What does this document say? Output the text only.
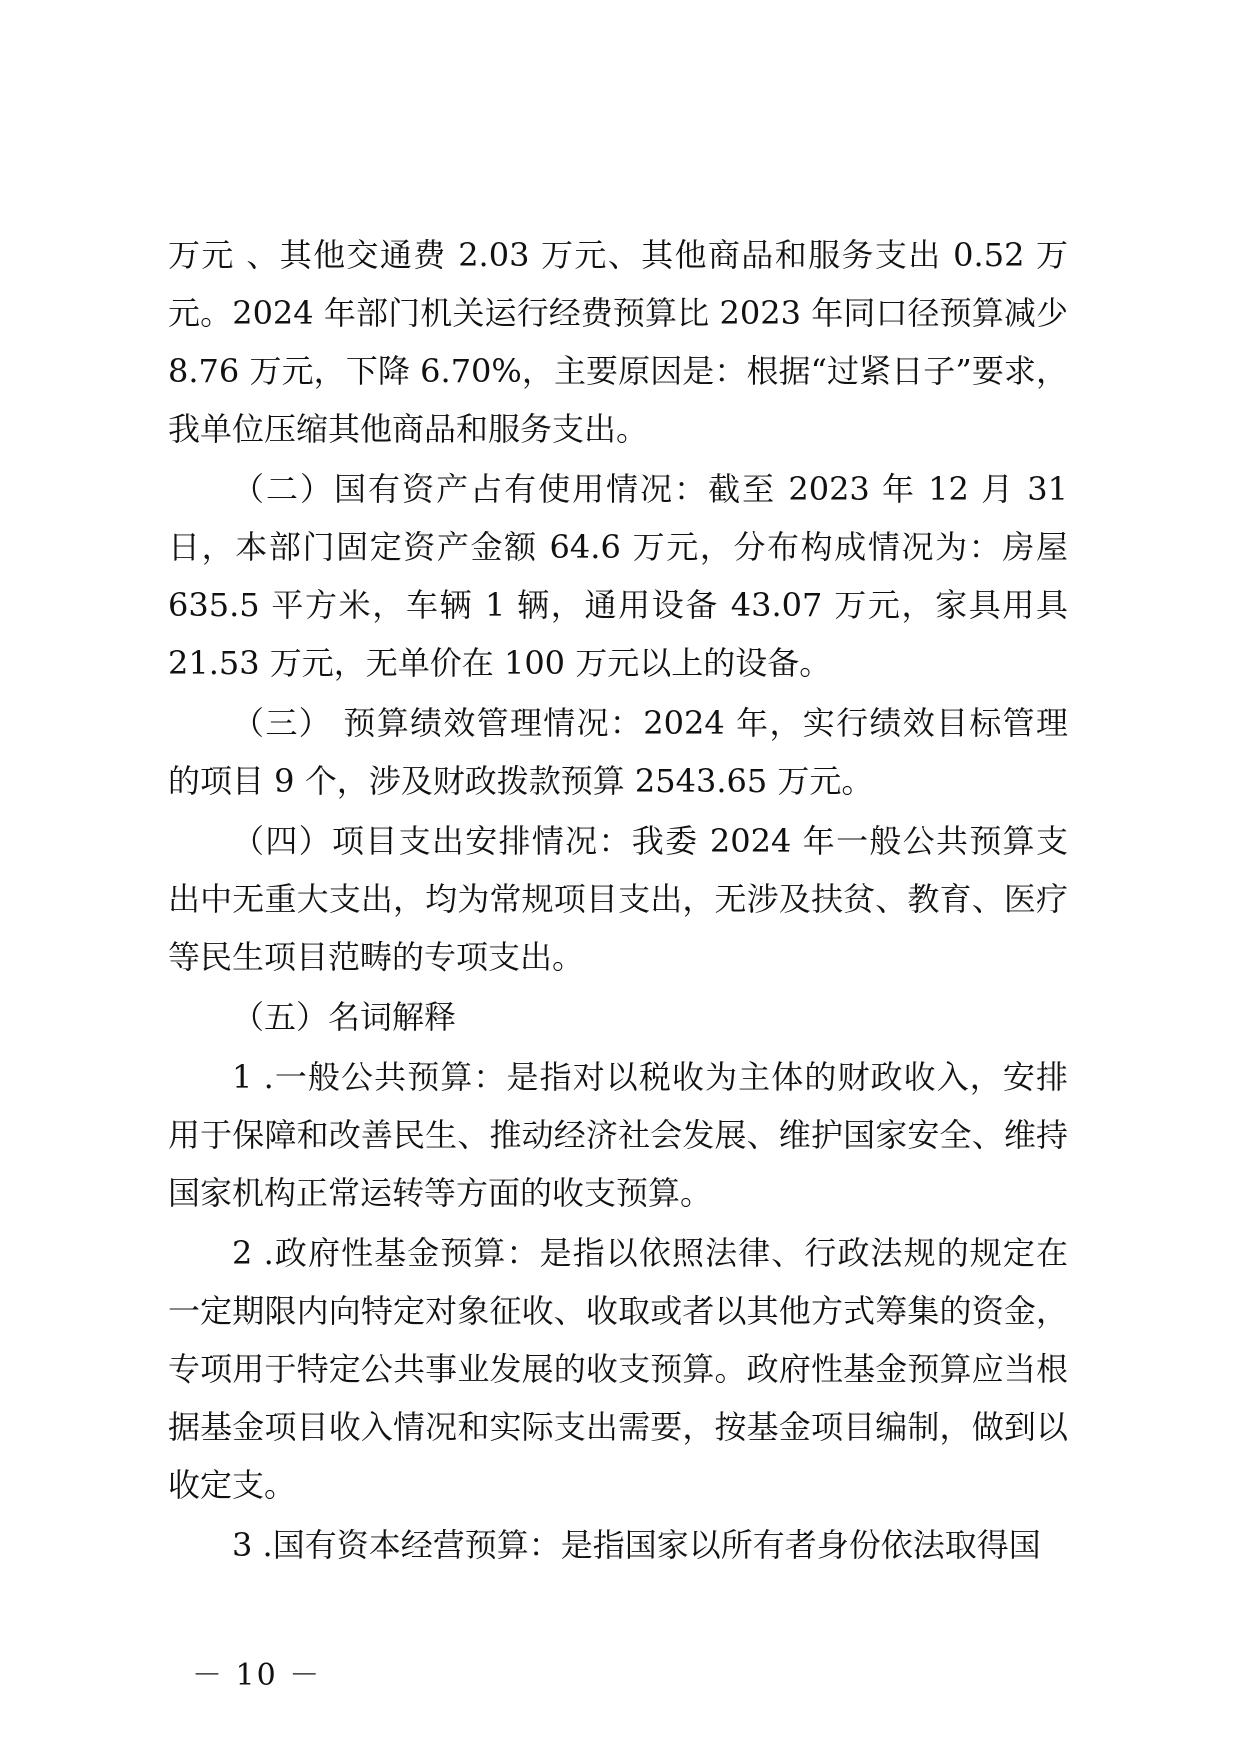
万元 、其他交通费 2.03 万元、其他商品和服务支出 0.52 万元。2024 年部门机关运行经费预算比 2023 年同口径预算减少 8.76 万元，下降 6.70%，主要原因是：根据“过紧日子”要求，我单位压缩其他商品和服务支出。

（二）国有资产占有使用情况：截至 2023 年 12 月 31 日，本部门固定资产金额 64.6 万元，分布构成情况为：房屋 635.5 平方米，车辆 1 辆，通用设备 43.07 万元，家具用具 21.53 万元，无单价在 100 万元以上的设备。

（三） 预算绩效管理情况：2024 年，实行绩效目标管理的项目 9 个，涉及财政拨款预算 2543.65 万元。

（四）项目支出安排情况：我委 2024 年一般公共预算支出中无重大支出，均为常规项目支出，无涉及扶贫、教育、医疗等民生项目范畴的专项支出。

（五）名词解释

1 .一般公共预算：是指对以税收为主体的财政收入，安排用于保障和改善民生、推动经济社会发展、维护国家安全、维持国家机构正常运转等方面的收支预算。

2 .政府性基金预算：是指以依照法律、行政法规的规定在一定期限内向特定对象征收、收取或者以其他方式筹集的资金，专项用于特定公共事业发展的收支预算。政府性基金预算应当根据基金项目收入情况和实际支出需要，按基金项目编制，做到以收定支。

3 .国有资本经营预算：是指国家以所有者身份依法取得国

－ 10 －
